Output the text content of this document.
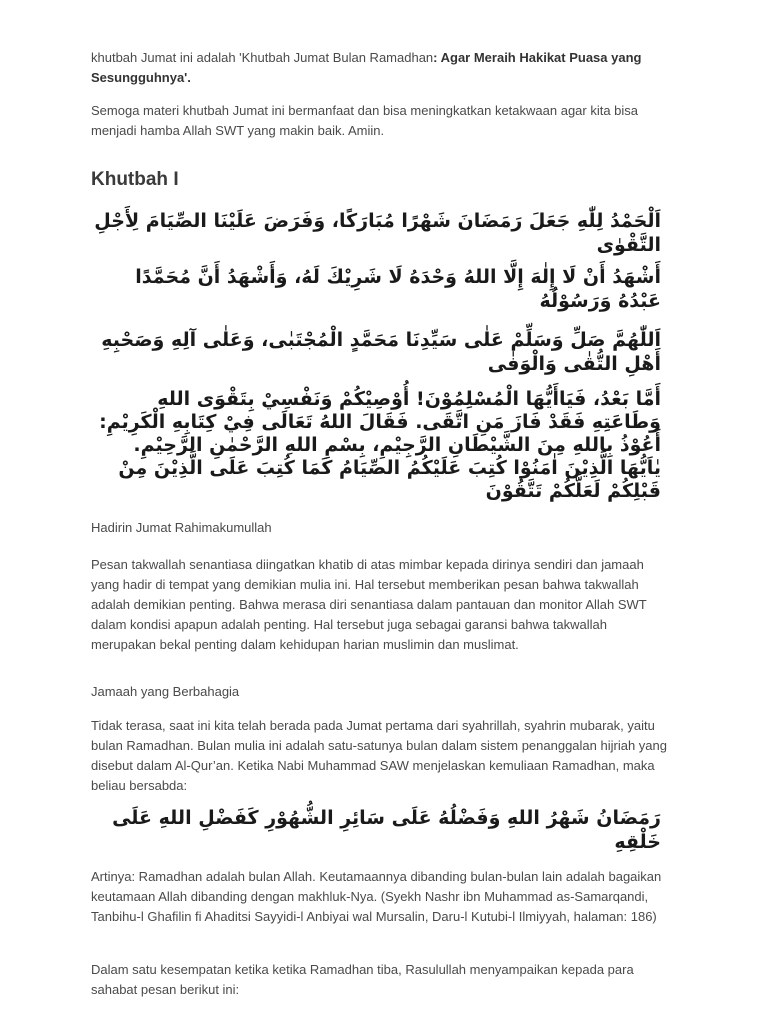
khutbah Jumat ini adalah 'Khutbah Jumat Bulan Ramadhan: Agar Meraih Hakikat Puasa yang Sesungguhnya'.

Semoga materi khutbah Jumat ini bermanfaat dan bisa meningkatkan ketakwaan agar kita bisa menjadi hamba Allah SWT yang makin baik. Amiin.

Khutbah I

اَلْحَمْدُ لِلّٰهِ جَعَلَ رَمَضَانَ شَهْرًا مُبَارَكًا، وَفَرَضَ عَلَيْنَا الصِّيَامَ لِأَجْلِ التَّقْوٰى

أَشْهَدُ أَنْ لَا إِلٰهَ إِلَّا اللهُ وَحْدَهُ لَا شَرِيْكَ لَهُ، وَأَشْهَدُ أَنَّ مُحَمَّدًا عَبْدُهُ وَرَسُوْلُهُ

اَللّٰهُمَّ صَلِّ وَسَلِّمْ عَلٰى سَيِّدِنَا مَحَمَّدٍ الْمُجْتَبٰى، وَعَلٰى آلِهِ وَصَحْبِهِ أَهْلِ التُّقٰى وَالْوَفٰى

أَمَّا بَعْدُ، فَيَاأَيُّهَا الْمُسْلِمُوْنَ! أُوْصِيْكُمْ وَنَفْسِيْ بِتَقْوَى اللهِ وَطَاعَتِهِ فَقَدْ فَازَ مَنِ اتَّقَى. فَقَالَ اللهُ تَعَالَى فِيْ كِتَابِهِ الْكَرِيْمِ: أَعُوْذُ بِاللهِ مِنَ الشَّيْطَانِ الرَّجِيْمِ، بِسْمِ اللهِ الرَّحْمٰنِ الرَّحِيْمِ. يٰاَيُّهَا الَّذِيْنَ اٰمَنُوْا كُتِبَ عَلَيْكُمُ الصِّيَامُ كَمَا كُتِبَ عَلَى الَّذِيْنَ مِنْ قَبْلِكُمْ لَعَلَّكُمْ تَتَّقُوْنَ

Hadirin Jumat Rahimakumullah

Pesan takwallah senantiasa diingatkan khatib di atas mimbar kepada dirinya sendiri dan jamaah yang hadir di tempat yang demikian mulia ini. Hal tersebut memberikan pesan bahwa takwallah adalah demikian penting. Bahwa merasa diri senantiasa dalam pantauan dan monitor Allah SWT dalam kondisi apapun adalah penting. Hal tersebut juga sebagai garansi bahwa takwallah merupakan bekal penting dalam kehidupan harian muslimin dan muslimat.

Jamaah yang Berbahagia

Tidak terasa, saat ini kita telah berada pada Jumat pertama dari syahrillah, syahrin mubarak, yaitu bulan Ramadhan. Bulan mulia ini adalah satu-satunya bulan dalam sistem penanggalan hijriah yang disebut dalam Al-Qur’an. Ketika Nabi Muhammad SAW menjelaskan kemuliaan Ramadhan, maka beliau bersabda:

رَمَضَانُ شَهْرُ اللهِ وَفَضْلُهُ عَلَى سَائِرِ الشُّهُوْرِ كَفَضْلِ اللهِ عَلَى خَلْقِهِ

Artinya: Ramadhan adalah bulan Allah. Keutamaannya dibanding bulan-bulan lain adalah bagaikan keutamaan Allah dibanding dengan makhluk-Nya. (Syekh Nashr ibn Muhammad as-Samarqandi, Tanbihu-l Ghafilin fi Ahaditsi Sayyidi-l Anbiyai wal Mursalin, Daru-l Kutubi-l Ilmiyyah, halaman: 186)

Dalam satu kesempatan ketika ketika Ramadhan tiba, Rasulullah menyampaikan kepada para sahabat pesan berikut ini:
